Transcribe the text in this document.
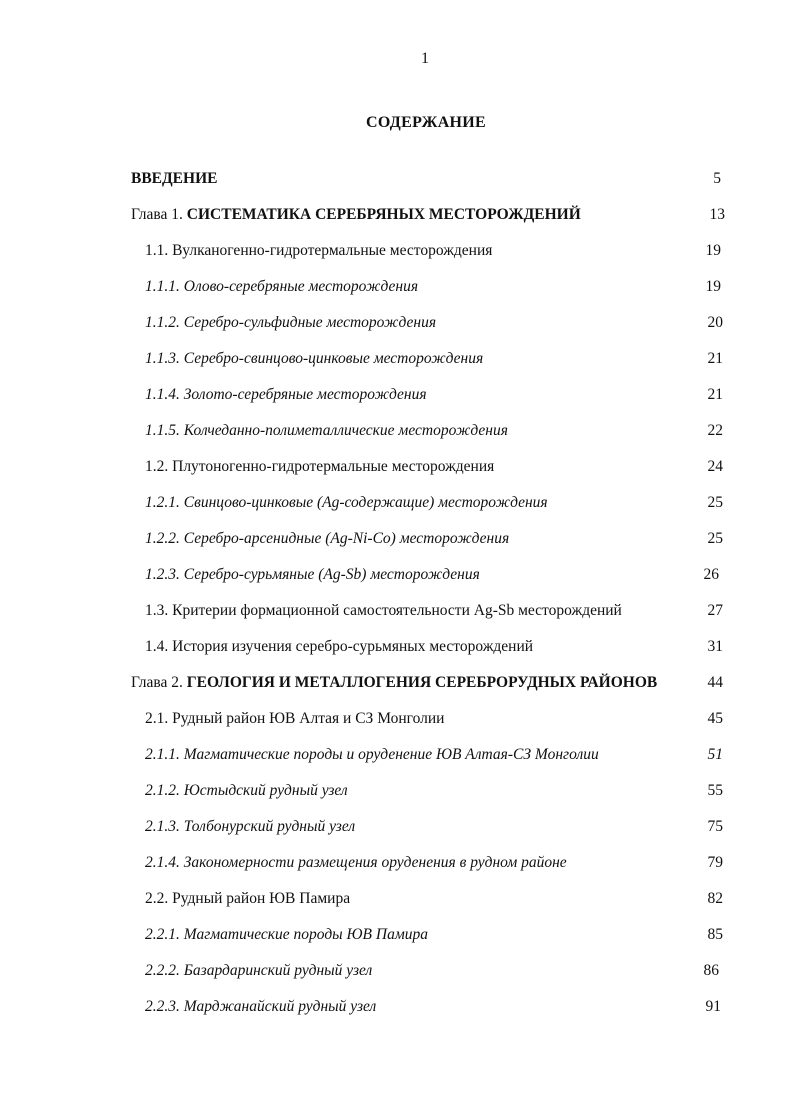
1
СОДЕРЖАНИЕ
ВВЕДЕНИЕ	5
Глава 1. СИСТЕМАТИКА СЕРЕБРЯНЫХ МЕСТОРОЖДЕНИЙ	13
1.1. Вулканогенно-гидротермальные месторождения	19
1.1.1. Олово-серебряные месторождения	19
1.1.2. Серебро-сульфидные месторождения	20
1.1.3. Серебро-свинцово-цинковые месторождения	21
1.1.4. Золото-серебряные месторождения	21
1.1.5. Колчеданно-полиметаллические месторождения	22
1.2. Плутоногенно-гидротермальные месторождения	24
1.2.1. Свинцово-цинковые (Ag-содержащие) месторождения	25
1.2.2. Серебро-арсенидные (Ag-Ni-Co) месторождения	25
1.2.3. Серебро-сурьмяные (Ag-Sb) месторождения	26
1.3. Критерии формационной самостоятельности Ag-Sb месторождений	27
1.4. История изучения серебро-сурьмяных месторождений	31
Глава 2. ГЕОЛОГИЯ И МЕТАЛЛОГЕНИЯ СЕРЕБРОРУДНЫХ РАЙОНОВ	44
2.1. Рудный район ЮВ Алтая и СЗ Монголии	45
2.1.1. Магматические породы и оруденение ЮВ Алтая-СЗ Монголии	51
2.1.2. Юстыдский рудный узел	55
2.1.3. Толбонурский рудный узел	75
2.1.4. Закономерности размещения оруденения в рудном районе	79
2.2. Рудный район ЮВ Памира	82
2.2.1. Магматические породы ЮВ Памира	85
2.2.2. Базардаринский рудный узел	86
2.2.3. Марджанайский рудный узел	91
